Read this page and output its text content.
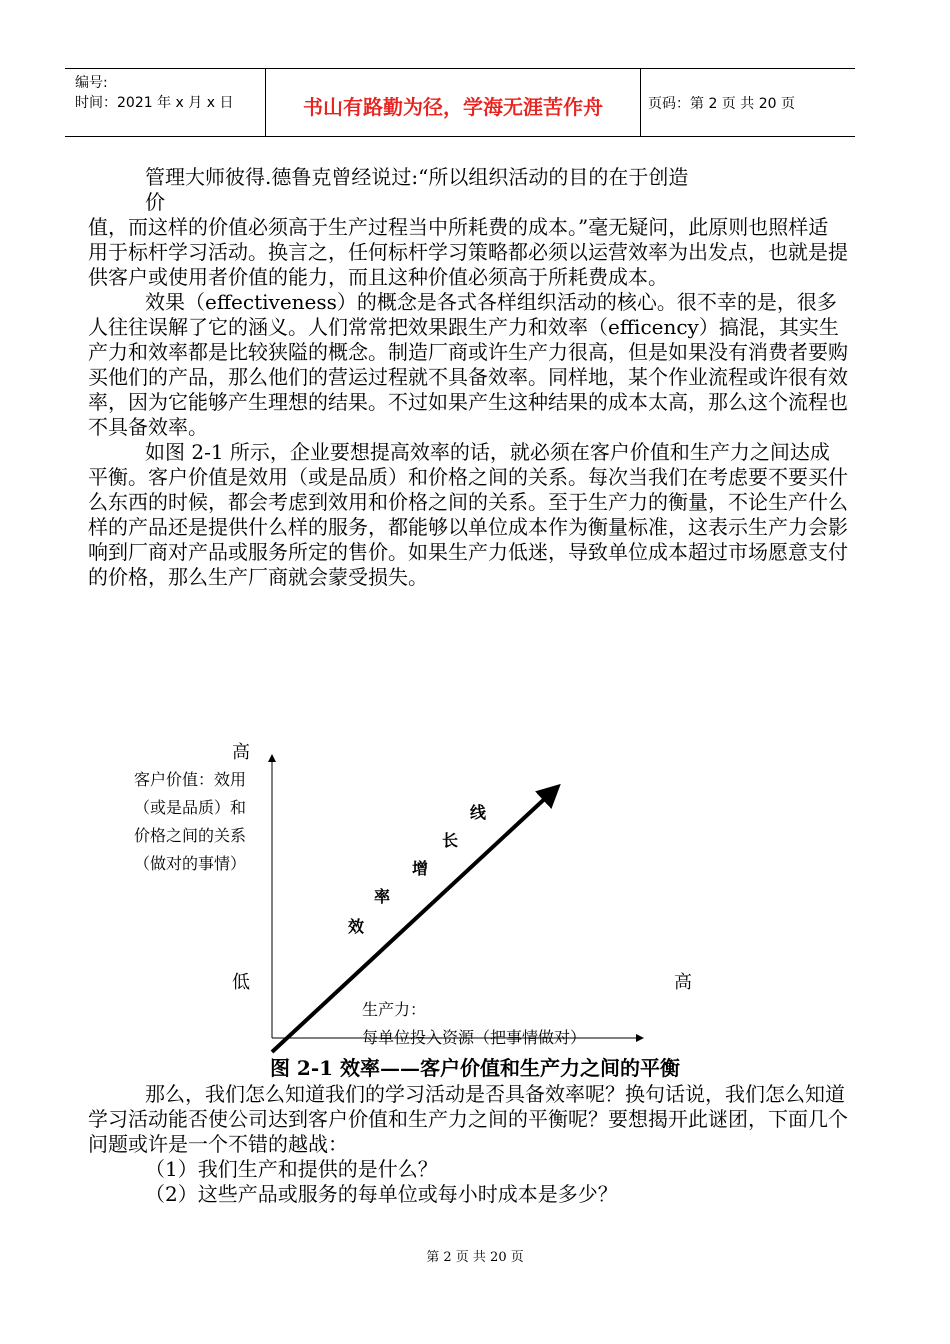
编号:
时间：2021 年 x 月 x 日	书山有路勤为径，学海无涯苦作舟	页码：第 2 页 共 20 页

管理大师彼得.德鲁克曾经说过:“所以组织活动的目的在于创造

价

值，而这样的价值必须高于生产过程当中所耗费的成本。”毫无疑问，此原则也照样适用于标杆学习活动。换言之，任何标杆学习策略都必须以运营效率为出发点，也就是提供客户或使用者价值的能力，而且这种价值必须高于所耗费成本。

效果（effectiveness）的概念是各式各样组织活动的核心。很不幸的是，很多人往往误解了它的涵义。人们常常把效果跟生产力和效率（efficency）搞混，其实生产力和效率都是比较狭隘的概念。制造厂商或许生产力很高，但是如果没有消费者要购买他们的产品，那么他们的营运过程就不具备效率。同样地，某个作业流程或许很有效率，因为它能够产生理想的结果。不过如果产生这种结果的成本太高，那么这个流程也不具备效率。

如图 2-1 所示，企业要想提高效率的话，就必须在客户价值和生产力之间达成平衡。客户价值是效用（或是品质）和价格之间的关系。每次当我们在考虑要不要买什么东西的时候，都会考虑到效用和价格之间的关系。至于生产力的衡量，不论生产什么样的产品还是提供什么样的服务，都能够以单位成本作为衡量标准，这表示生产力会影响到厂商对产品或服务所定的售价。如果生产力低迷，导致单位成本超过市场愿意支付的价格，那么生产厂商就会蒙受损失。

高
低	高
客户价值：效用
（或是品质）和
价格之间的关系
（做对的事情）
生产力：
每单位投入资源（把事情做对）
效
率
增
长
线
图 2-1 效率——客户价值和生产力之间的平衡

那么，我们怎么知道我们的学习活动是否具备效率呢？换句话说，我们怎么知道学习活动能否使公司达到客户价值和生产力之间的平衡呢？要想揭开此谜团，下面几个问题或许是一个不错的越战：

（1）我们生产和提供的是什么？

（2）这些产品或服务的每单位或每小时成本是多少？

第 2 页 共 20 页
